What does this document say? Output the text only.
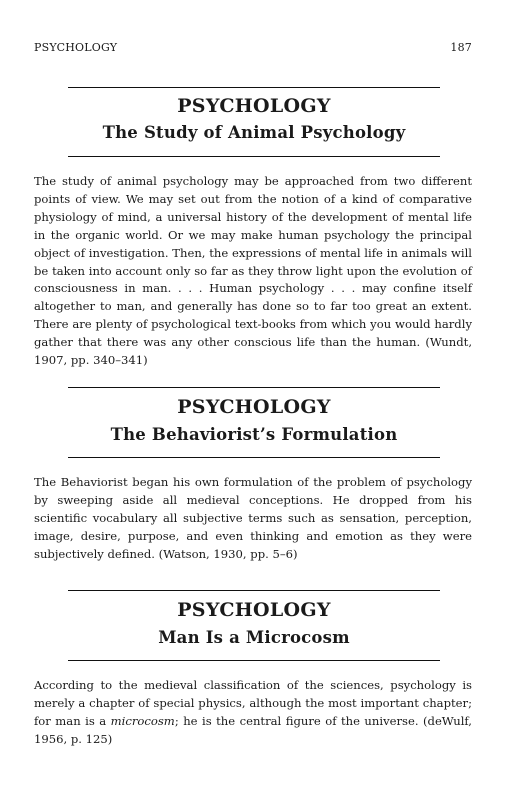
PSYCHOLOGY	187
PSYCHOLOGY
The Study of Animal Psychology
The study of animal psychology may be approached from two different points of view. We may set out from the notion of a kind of comparative physiology of mind, a universal history of the development of mental life in the organic world. Or we may make human psychology the principal object of investigation. Then, the expressions of mental life in animals will be taken into account only so far as they throw light upon the evolution of consciousness in man. . . . Human psychology . . . may confine itself altogether to man, and generally has done so to far too great an extent. There are plenty of psychological text-books from which you would hardly gather that there was any other conscious life than the human. (Wundt, 1907, pp. 340–341)
PSYCHOLOGY
The Behaviorist’s Formulation
The Behaviorist began his own formulation of the problem of psychology by sweeping aside all medieval conceptions. He dropped from his scientific vocabulary all subjective terms such as sensation, perception, image, desire, purpose, and even thinking and emotion as they were subjectively defined. (Watson, 1930, pp. 5–6)
PSYCHOLOGY
Man Is a Microcosm
According to the medieval classification of the sciences, psychology is merely a chapter of special physics, although the most important chapter; for man is a microcosm; he is the central figure of the universe. (deWulf, 1956, p. 125)
